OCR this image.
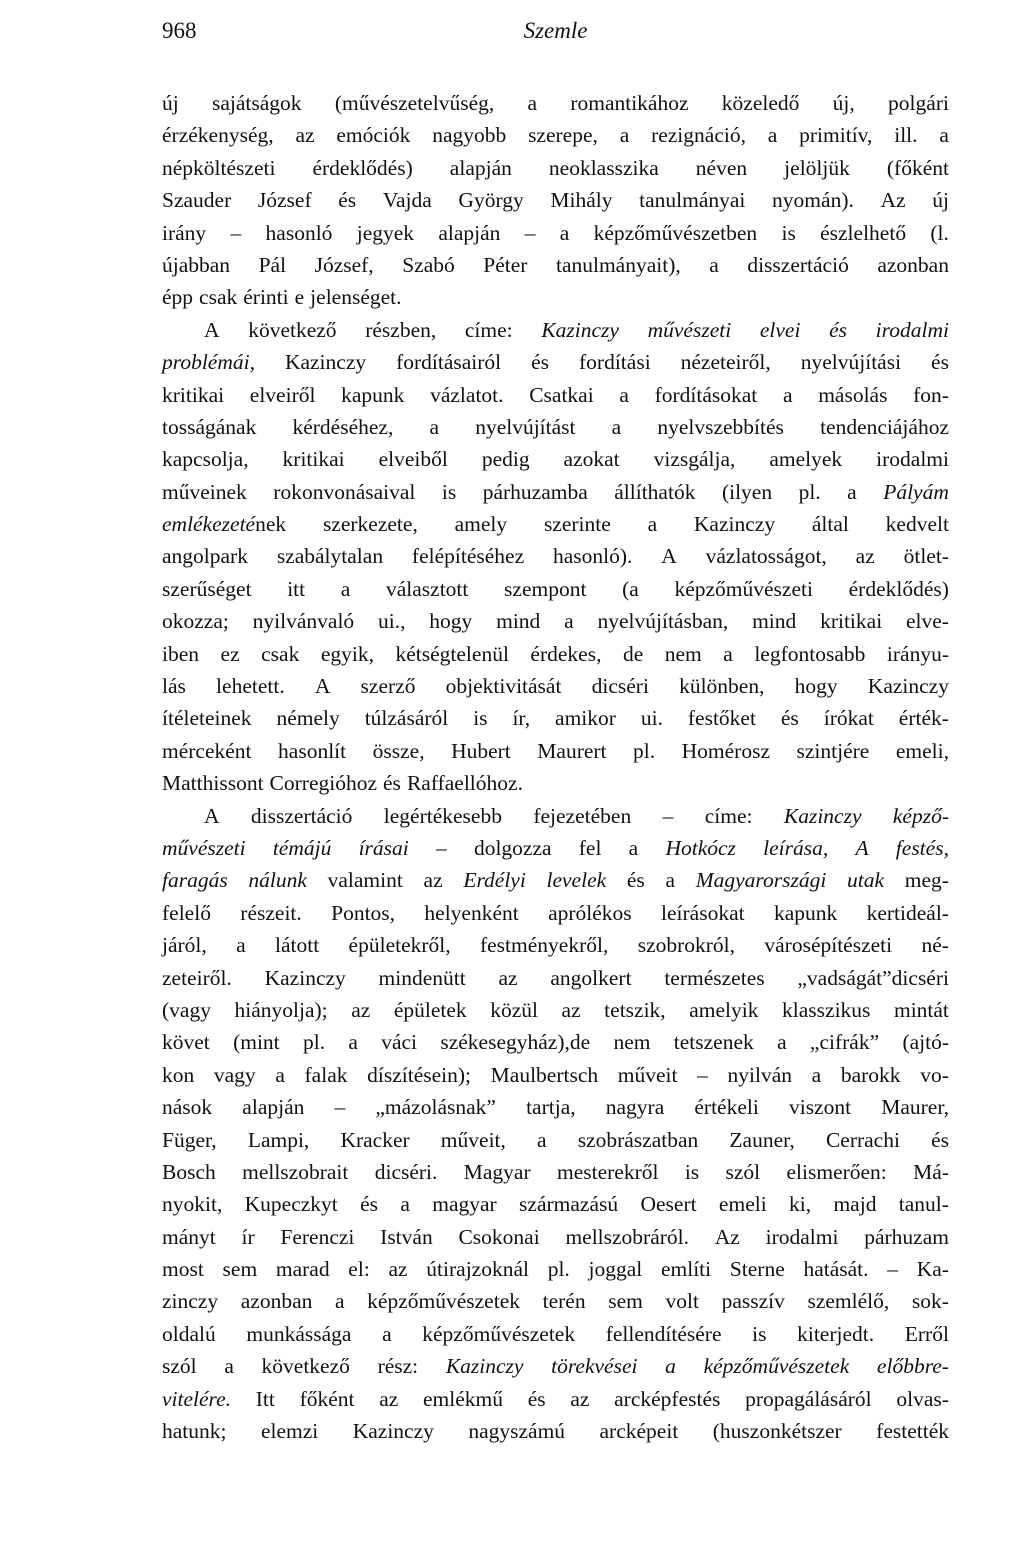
968	Szemle
új sajátságok (művészetelvűség, a romantikához közeledő új, polgári
érzékenység, az emóciók nagyobb szerepe, a rezignáció, a primitív, ill. a
népköltészeti érdeklődés) alapján neoklasszika néven jelöljük (főként
Szauder József és Vajda György Mihály tanulmányai nyomán). Az új
irány – hasonló jegyek alapján – a képzőművészetben is észlelhető (l.
újabban Pál József, Szabó Péter tanulmányait), a disszertáció azonban
épp csak érinti e jelenséget.
A következő részben, címe: Kazinczy művészeti elvei és irodalmi
problémái, Kazinczy fordításairól és fordítási nézeteiről, nyelvújítási és
kritikai elveiről kapunk vázlatot. Csatkai a fordításokat a másolás fon-
tosságának kérdéséhez, a nyelvújítást a nyelvszebbítés tendenciájához
kapcsolja, kritikai elveiből pedig azokat vizsgálja, amelyek irodalmi
műveinek rokonvonásaival is párhuzamba állíthatók (ilyen pl. a Pályám
emlékezetének szerkezete, amely szerinte a Kazinczy által kedvelt
angolpark szabálytalan felépítéséhez hasonló). A vázlatosságot, az ötlet-
szerűséget itt a választott szempont (a képzőművészeti érdeklődés)
okozza; nyilvánvaló ui., hogy mind a nyelvújításban, mind kritikai elve-
iben ez csak egyik, kétségtelenül érdekes, de nem a legfontosabb irányu-
lás lehetett. A szerző objektivitását dicséri különben, hogy Kazinczy
ítéleteinek némely túlzásáról is ír, amikor ui. festőket és írókat érték-
mérceként hasonlít össze, Hubert Maurert pl. Homérosz szintjére emeli,
Matthissont Corregióhoz és Raffaellóhoz.
A disszertáció legértékesebb fejezetében – címe: Kazinczy képző-
művészeti témájú írásai – dolgozza fel a Hotkócz leírása, A festés,
faragás nálunk valamint az Erdélyi levelek és a Magyarországi utak meg-
felelő részeit. Pontos, helyenként aprólékos leírásokat kapunk kertideál-
járól, a látott épületekről, festményekről, szobrokról, városépítészeti né-
zeteiről. Kazinczy mindenütt az angolkert természetes „vadságát”dicséri
(vagy hiányolja); az épületek közül az tetszik, amelyik klasszikus mintát
követ (mint pl. a váci székesegyház),de nem tetszenek a „cifrák” (ajtó-
kon vagy a falak díszítésein); Maulbertsch műveit – nyilván a barokk vo-
nások alapján – „mázolásnak” tartja, nagyra értékeli viszont Maurer,
Füger, Lampi, Kracker műveit, a szobrászatban Zauner, Cerrachi és
Bosch mellszobrait dicséri. Magyar mesterekről is szól elismerően: Má-
nyokit, Kupeczkyt és a magyar származású Oesert emeli ki, majd tanul-
mányt ír Ferenczi István Csokonai mellszobráról. Az irodalmi párhuzam
most sem marad el: az útirajzoknál pl. joggal említi Sterne hatását. – Ka-
zinczy azonban a képzőművészetek terén sem volt passzív szemlélő, sok-
oldalú munkássága a képzőművészetek fellendítésére is kiterjedt. Erről
szól a következő rész: Kazinczy törekvései a képzőművészetek előbbre-
vitelére. Itt főként az emlékmű és az arcképfestés propagálásáról olvas-
hatunk; elemzi Kazinczy nagyszámú arcképeit (huszonkétszer festették
